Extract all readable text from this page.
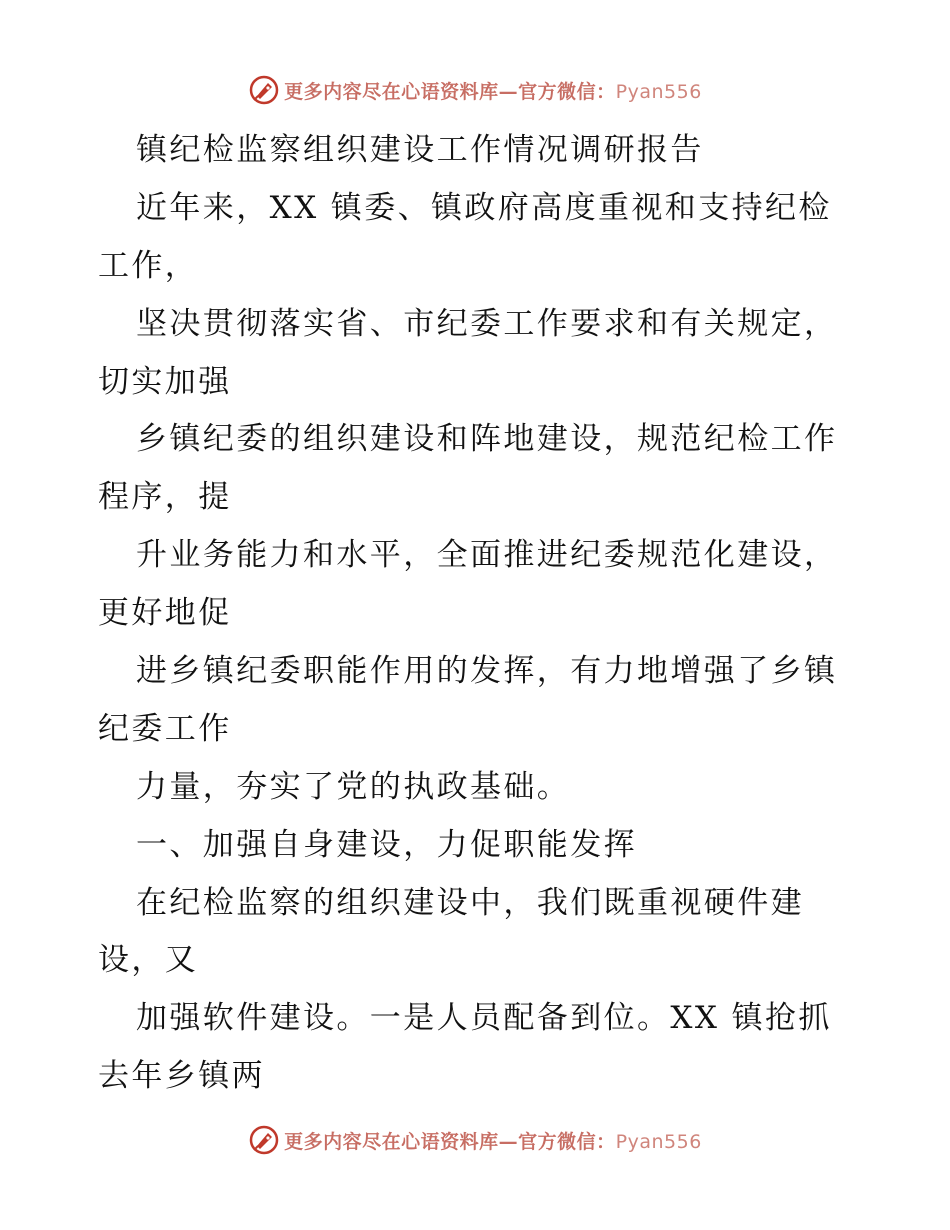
更多内容尽在心语资料库—官方微信：Pyan556
镇纪检监察组织建设工作情况调研报告
近年来，XX 镇委、镇政府高度重视和支持纪检
工作，
坚决贯彻落实省、市纪委工作要求和有关规定，
切实加强
乡镇纪委的组织建设和阵地建设，规范纪检工作
程序，提
升业务能力和水平，全面推进纪委规范化建设，
更好地促
进乡镇纪委职能作用的发挥，有力地增强了乡镇
纪委工作
力量，夯实了党的执政基础。
一、加强自身建设，力促职能发挥
在纪检监察的组织建设中，我们既重视硬件建
设，又
加强软件建设。一是人员配备到位。XX 镇抢抓
去年乡镇两
更多内容尽在心语资料库—官方微信：Pyan556
